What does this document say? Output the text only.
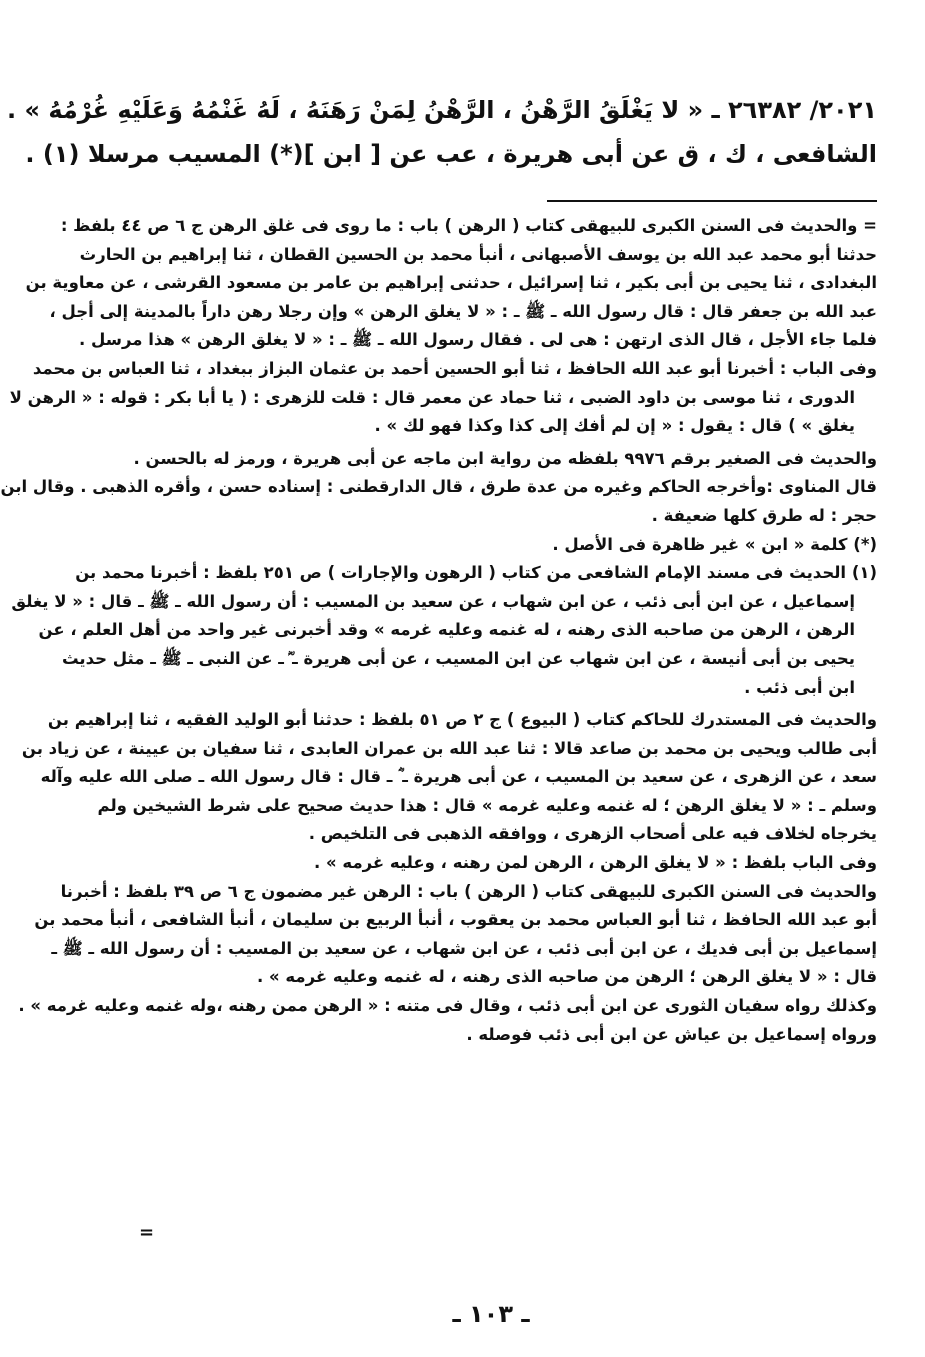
٢٠٢١/ ٢٦٣٨٢ ـ « لا يَغْلَقُ الرَّهْنُ ، الرَّهْنُ لِمَنْ رَهَنَهُ ، لَهُ غَنْمُهُ وَعَلَيْهِ غُرْمُهُ » .
الشافعى ، ك ، ق عن أبى هريرة ، عب عن [ ابن ](*) المسيب مرسلا (١) .
= والحديث فى السنن الكبرى للبيهقى كتاب ( الرهن ) باب : ما روى فى غلق الرهن ج ٦ ص ٤٤ بلفظ :
حدثنا أبو محمد عبد الله بن يوسف الأصبهانى ، أنبأ محمد بن الحسين القطان ، ثنا إبراهيم بن الحارث
البغدادى ، ثنا يحيى بن أبى بكير ، ثنا إسرائيل ، حدثنى إبراهيم بن عامر بن مسعود القرشى ، عن معاوية بن
عبد الله بن جعفر قال : قال رسول الله ـ ﷺ ـ : « لا يغلق الرهن » وإن رجلا رهن داراً بالمدينة إلى أجل ،
فلما جاء الأجل ، قال الذى ارتهن : هى لى . فقال رسول الله ـ ﷺ ـ : « لا يغلق الرهن » هذا مرسل .
وفى الباب : أخبرنا أبو عبد الله الحافظ ، ثنا أبو الحسين أحمد بن عثمان البزاز ببغداد ، ثنا العباس بن محمد
الدورى ، ثنا موسى بن داود الضبى ، ثنا حماد عن معمر قال : قلت للزهرى : ( يا أبا بكر : قوله : « الرهن لا
يغلق » ) قال : يقول : « إن لم أفك إلى كذا وكذا فهو لك » .
والحديث فى الصغير برقم ٩٩٧٦ بلفظه من رواية ابن ماجه عن أبى هريرة ، ورمز له بالحسن .
قال المناوى :وأخرجه الحاكم وغيره من عدة طرق ، قال الدارقطنى : إسناده حسن ، وأقره الذهبى . وقال ابن
حجر : له طرق كلها ضعيفة .
(*) كلمة « ابن » غير ظاهرة فى الأصل .
(١) الحديث فى مسند الإمام الشافعى من كتاب ( الرهون والإجارات ) ص ٢٥١ بلفظ : أخبرنا محمد بن
إسماعيل ، عن ابن أبى ذئب ، عن ابن شهاب ، عن سعيد بن المسيب : أن رسول الله ـ ﷺ ـ قال : « لا يغلق
الرهن ، الرهن من صاحبه الذى رهنه ، له غنمه وعليه غرمه » وقد أخبرنى غير واحد من أهل العلم ، عن
يحيى بن أبى أنيسة ، عن ابن شهاب عن ابن المسيب ، عن أبى هريرة ـ ؓ ـ عن النبى ـ ﷺ ـ مثل حديث
ابن أبى ذئب .
والحديث فى المستدرك للحاكم كتاب ( البيوع ) ج ٢ ص ٥١ بلفظ : حدثنا أبو الوليد الفقيه ، ثنا إبراهيم بن
أبى طالب ويحيى بن محمد بن صاعد قالا : ثنا عبد الله بن عمران العابدى ، ثنا سفيان بن عيينة ، عن زياد بن
سعد ، عن الزهرى ، عن سعيد بن المسيب ، عن أبى هريرة ـ ؓ ـ قال : قال رسول الله ـ صلى الله عليه وآله
وسلم ـ : « لا يغلق الرهن ؛ له غنمه وعليه غرمه » قال : هذا حديث صحيح على شرط الشيخين ولم
يخرجاه لخلاف فيه على أصحاب الزهرى ، ووافقه الذهبى فى التلخيص .
وفى الباب بلفظ : « لا يغلق الرهن ، الرهن لمن رهنه ، وعليه غرمه » .
والحديث فى السنن الكبرى للبيهقى كتاب ( الرهن ) باب : الرهن غير مضمون ج ٦ ص ٣٩ بلفظ : أخبرنا
أبو عبد الله الحافظ ، ثنا أبو العباس محمد بن يعقوب ، أنبأ الربيع بن سليمان ، أنبأ الشافعى ، أنبأ محمد بن
إسماعيل بن أبى فديك ، عن ابن أبى ذئب ، عن ابن شهاب ، عن سعيد بن المسيب : أن رسول الله ـ ﷺ ـ
قال : « لا يغلق الرهن ؛ الرهن من صاحبه الذى رهنه ، له غنمه وعليه غرمه » .
وكذلك رواه سفيان الثورى عن ابن أبى ذئب ، وقال فى متنه : « الرهن ممن رهنه ،وله غنمه وعليه غرمه » .
ورواه إسماعيل بن عياش عن ابن أبى ذئب فوصله .
=
ـ ١٠٣ ـ
